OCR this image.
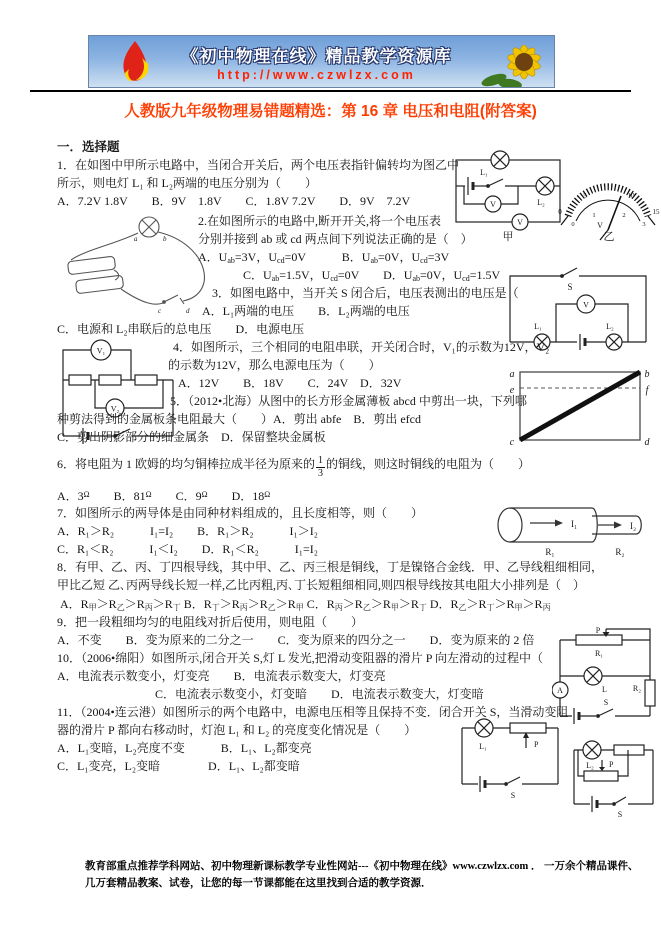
《初中物理在线》精品教学资源库
http://www.czwlzx.com
人教版九年级物理易错题精选：第 16 章 电压和电阻(附答案)
一．选择题
1．在如图中甲所示电路中，当闭合开关后，两个电压表指针偏转均为图乙中
所示，则电灯 L₁ 和 L₂两端的电压分别为（　　）
A．7.2V 1.8V　　B．9V　1.8V　　C．1.8V 7.2V　　D．9V　7.2V	V
V
L₁
L₂
0
5	10
15
0
1	2
3
V
甲	乙
2.在如图所示的电路中,断开开关,将一个电压表
分别并接到 ab 或 cd 两点间下列说法正确的是（　）
A．$U_{ab}=3V$，$U_{cd}=0V$　　　B．$U_{ab}=0V$，$U_{cd}=3V$
C．$U_{ab}=1.5V$，$U_{cd}=0V$　　D．$U_{ab}=0V$，$U_{cd}=1.5V$
a	b
c	d
3．如图电路中，当开关 S 闭合后，电压表测出的电压是（
A．L₁两端的电压　　B．L₂两端的电压
C．电源和 L₂串联后的总电压　　D．电源电压
S
V
L₁	L₂
4．如图所示，三个相同的电阻串联，开关闭合时，V₁的示数为12V，V₂
的示数为12V，那么电源电压为（　　）
A．12V　　B．18V　　C．24V　D．32V
V₁
V₂
5．（2012•北海）从图中的长方形金属薄板 abcd 中剪出一块，下列哪
种剪法得到的金属板条电阻最大（　　）A．剪出 abfe　B．剪出 efcd
C．剪出阴影部分的细金属条　D．保留整块金属板
a	b
e	f
c	d
6．将电阻为 1 欧姆的均匀铜棒拉成半径为原来的 $\frac{1}{3}$ 的铜线，则这时铜线的电阻为（　　）
A．$3^\Omega$　　B．$81^\Omega$　　C．$9^\Omega$　　D．$18^\Omega$
7．如图所示的两导体是由同种材料组成的，且长度相等，则（　　）
A．R₁＞R₂　　　I₁=I₂　　B．R₁＞R₂　　　I₁＞I₂
C．R₁＜R₂　　　I₁＜I₂　　D．R₁＜R₂　　　I₁=I₂
I₁	I₂
R₁	R₂
8．有甲、乙、丙、丁四根导线，其中甲、乙、丙三根是铜线，丁是镍铬合金线．甲、乙导线粗细相同，
甲比乙短 乙､丙两导线长短一样,乙比丙粗,丙､丁长短粗细相同,则四根导线按其电阻大小排列是（　）
A．$R_甲>R_乙>R_丙>R_丁$ B．$R_丁>R_丙>R_乙>R_甲$ C．$R_丙>R_乙>R_甲>R_丁$ D．$R_乙>R_丁>R_甲>R_丙$
9．把一段粗细均匀的电阻线对折后使用，则电阻（　　）
A．不变　　B．变为原来的二分之一　　C．变为原来的四分之一　　D．变为原来的 2 倍
10．（2006•绵阳）如图所示,闭合开关 S,灯 L 发光,把滑动变阻器的滑片 P 向左滑动的过程中（
A．电流表示数变小，灯变亮　　B．电流表示数变大，灯变亮
C．电流表示数变小，灯变暗　　D．电流表示数变大，灯变暗
P
R₁
L
A	R₂
S
11．（2004•连云港）如图所示的两个电路中，电源电压相等且保持不变．闭合开关 S，当滑动变阻
器的滑片 P 都向右移动时，灯泡 L₁ 和 L₂ 的亮度变化情况是（　　）
A．L₁变暗，L₂亮度不变　　　B．L₁、L₂都变亮
C．L₁变亮，L₂变暗　　　　D．L₁、L₂都变暗
L₁	P
S
L₂ P
S
教育部重点推荐学科网站、初中物理新课标教学专业性网站---《初中物理在线》www.czwlzx.com ． 一万余个精品课件、
几万套精品教案、试卷，让您的每一节课都能在这里找到合适的教学资源．
